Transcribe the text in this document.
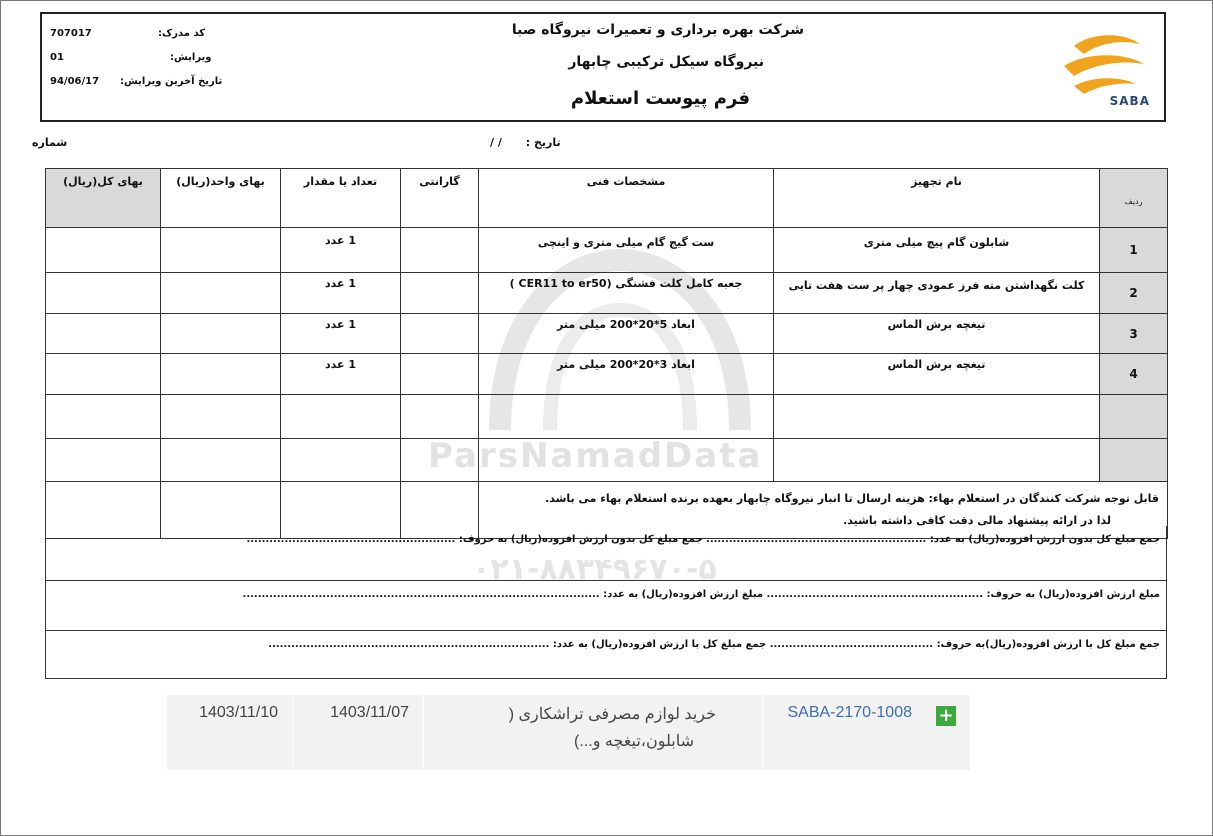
ParsNamadData
۰۲۱-۸۸۳۴۹۶۷۰-۵
شرکت بهره برداری و تعمیرات نیروگاه صبا
نیروگاه سیکل ترکیبی چابهار
فرم پیوست استعلام
707017	کد مدرک:
01	ویرایش:
94/06/17 تاریخ آخرین ویرایش:
SABA
تاریخ : / /
شماره
ردیف	نام تجهیز	مشخصات فنی	گارانتی	تعداد یا مقدار	بهای واحد(ریال)	بهای کل(ریال)
1	شابلون گام پیچ میلی متری	ست گیج گام میلی متری و اینچی		1 عدد		
2	کلت نگهداشتن مته فرز عمودی چهار پر ست هفت تایی	جعبه کامل کلت فشنگی (CER11 to er50 )		1 عدد		
3	تیغچه برش الماس	ابعاد 5*20*200 میلی متر		1 عدد		
4	تیغچه برش الماس	ابعاد 3*20*200 میلی متر		1 عدد		

قابل توجه شرکت کنندگان در استعلام بهاء: هزینه ارسال تا انبار نیروگاه چابهار بعهده برنده استعلام بهاء می باشد.
لذا در ارائه پیشنهاد مالی دقت کافی داشته باشید.						

جمع مبلغ کل بدون ارزش افزوده(ریال) به عدد: .......................................................... جمع مبلغ کل بدون ارزش افزوده(ریال) به حروف: .......................................................
مبلغ ارزش افزوده(ریال) به حروف: ......................................................... مبلغ ارزش افزوده(ریال) به عدد: ..............................................................................................
جمع مبلغ کل با ارزش افزوده(ریال)به حروف: ........................................... جمع مبلغ کل با ارزش افزوده(ریال) به عدد: ..........................................................................
+
SABA-2170-1008
خرید لوازم مصرفی تراشکاری (
شابلون،تیغچه و...)
1403/11/07
1403/11/10
